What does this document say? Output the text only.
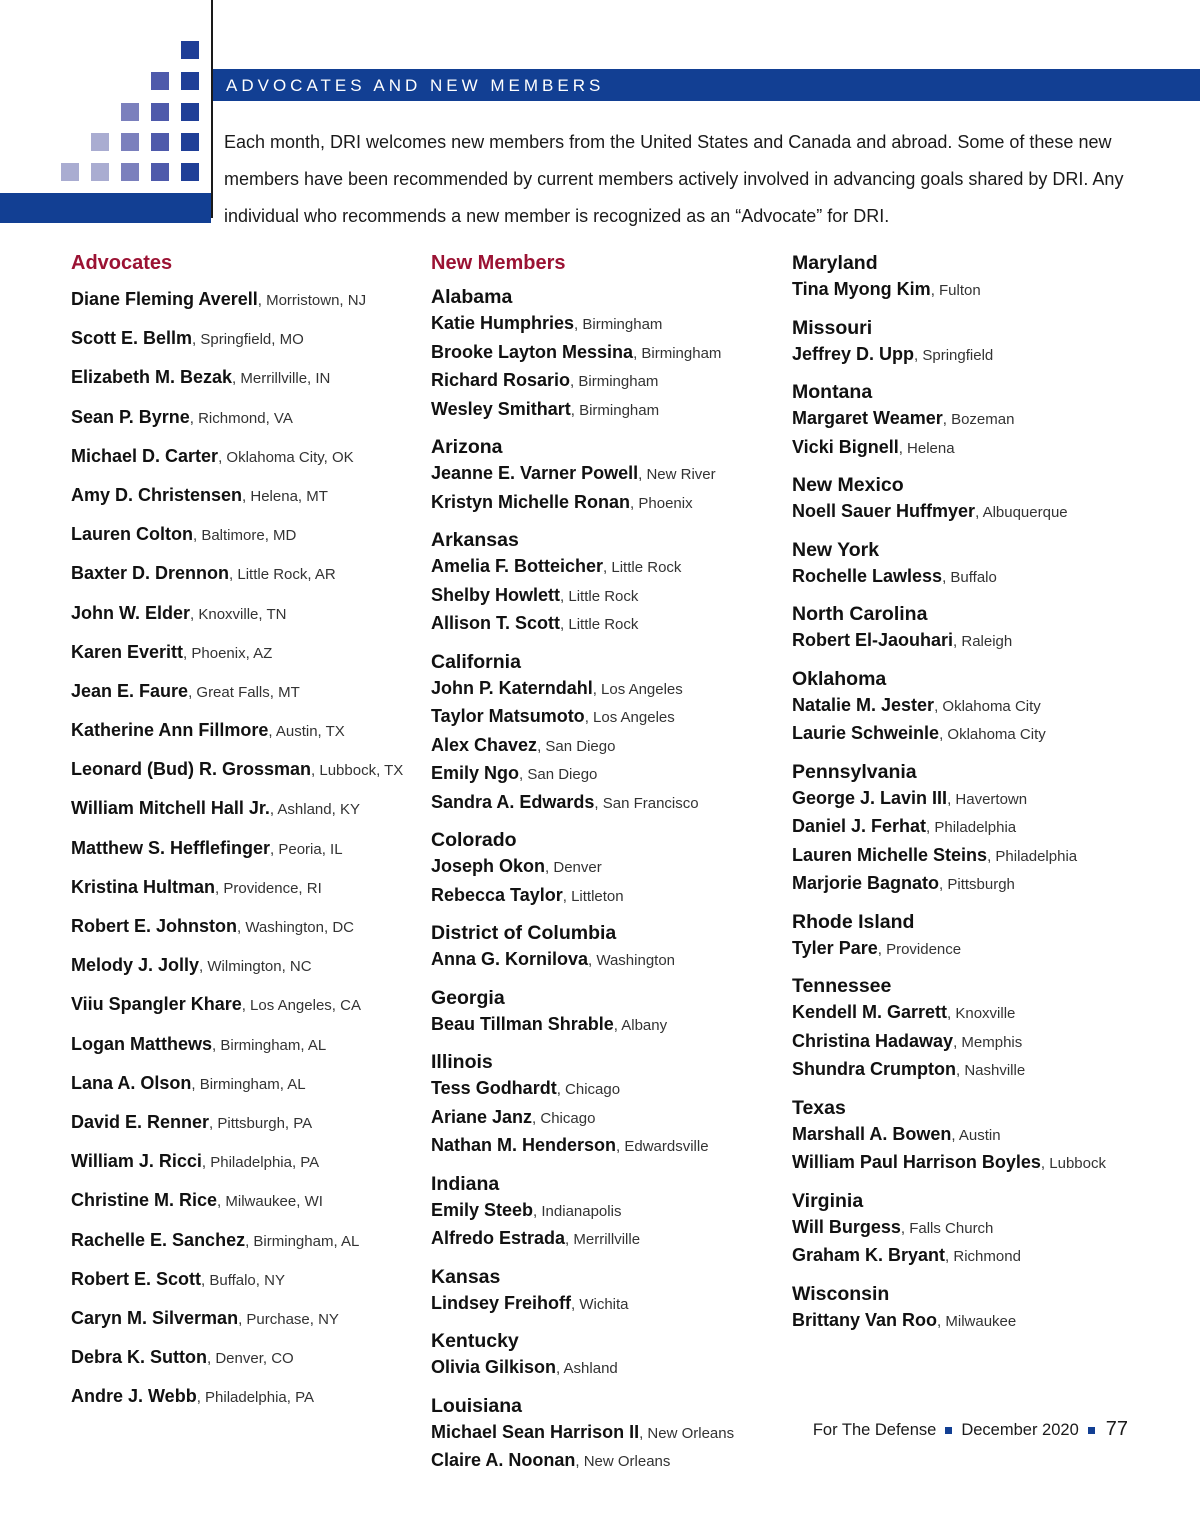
ADVOCATES AND NEW MEMBERS

Each month, DRI welcomes new members from the United States and Canada and abroad. Some of these new members have been recommended by current members actively involved in advancing goals shared by DRI. Any individual who recommends a new member is recognized as an “Advocate” for DRI.

Advocates
Diane Fleming Averell, Morristown, NJ
Scott E. Bellm, Springfield, MO
Elizabeth M. Bezak, Merrillville, IN
Sean P. Byrne, Richmond, VA
Michael D. Carter, Oklahoma City, OK
Amy D. Christensen, Helena, MT
Lauren Colton, Baltimore, MD
Baxter D. Drennon, Little Rock, AR
John W. Elder, Knoxville, TN
Karen Everitt, Phoenix, AZ
Jean E. Faure, Great Falls, MT
Katherine Ann Fillmore, Austin, TX
Leonard (Bud) R. Grossman, Lubbock, TX
William Mitchell Hall Jr., Ashland, KY
Matthew S. Hefflefinger, Peoria, IL
Kristina Hultman, Providence, RI
Robert E. Johnston, Washington, DC
Melody J. Jolly, Wilmington, NC
Viiu Spangler Khare, Los Angeles, CA
Logan Matthews, Birmingham, AL
Lana A. Olson, Birmingham, AL
David E. Renner, Pittsburgh, PA
William J. Ricci, Philadelphia, PA
Christine M. Rice, Milwaukee, WI
Rachelle E. Sanchez, Birmingham, AL
Robert E. Scott, Buffalo, NY
Caryn M. Silverman, Purchase, NY
Debra K. Sutton, Denver, CO
Andre J. Webb, Philadelphia, PA
New Members
Alabama
Katie Humphries, Birmingham
Brooke Layton Messina, Birmingham
Richard Rosario, Birmingham
Wesley Smithart, Birmingham
Arizona
Jeanne E. Varner Powell, New River
Kristyn Michelle Ronan, Phoenix
Arkansas
Amelia F. Botteicher, Little Rock
Shelby Howlett, Little Rock
Allison T. Scott, Little Rock
California
John P. Katerndahl, Los Angeles
Taylor Matsumoto, Los Angeles
Alex Chavez, San Diego
Emily Ngo, San Diego
Sandra A. Edwards, San Francisco
Colorado
Joseph Okon, Denver
Rebecca Taylor, Littleton
District of Columbia
Anna G. Kornilova, Washington
Georgia
Beau Tillman Shrable, Albany
Illinois
Tess Godhardt, Chicago
Ariane Janz, Chicago
Nathan M. Henderson, Edwardsville
Indiana
Emily Steeb, Indianapolis
Alfredo Estrada, Merrillville
Kansas
Lindsey Freihoff, Wichita
Kentucky
Olivia Gilkison, Ashland
Louisiana
Michael Sean Harrison II, New Orleans
Claire A. Noonan, New Orleans
Maryland
Tina Myong Kim, Fulton
Missouri
Jeffrey D. Upp, Springfield
Montana
Margaret Weamer, Bozeman
Vicki Bignell, Helena
New Mexico
Noell Sauer Huffmyer, Albuquerque
New York
Rochelle Lawless, Buffalo
North Carolina
Robert El-Jaouhari, Raleigh
Oklahoma
Natalie M. Jester, Oklahoma City
Laurie Schweinle, Oklahoma City
Pennsylvania
George J. Lavin III, Havertown
Daniel J. Ferhat, Philadelphia
Lauren Michelle Steins, Philadelphia
Marjorie Bagnato, Pittsburgh
Rhode Island
Tyler Pare, Providence
Tennessee
Kendell M. Garrett, Knoxville
Christina Hadaway, Memphis
Shundra Crumpton, Nashville
Texas
Marshall A. Bowen, Austin
William Paul Harrison Boyles, Lubbock
Virginia
Will Burgess, Falls Church
Graham K. Bryant, Richmond
Wisconsin
Brittany Van Roo, Milwaukee
For The Defense December 2020 77
